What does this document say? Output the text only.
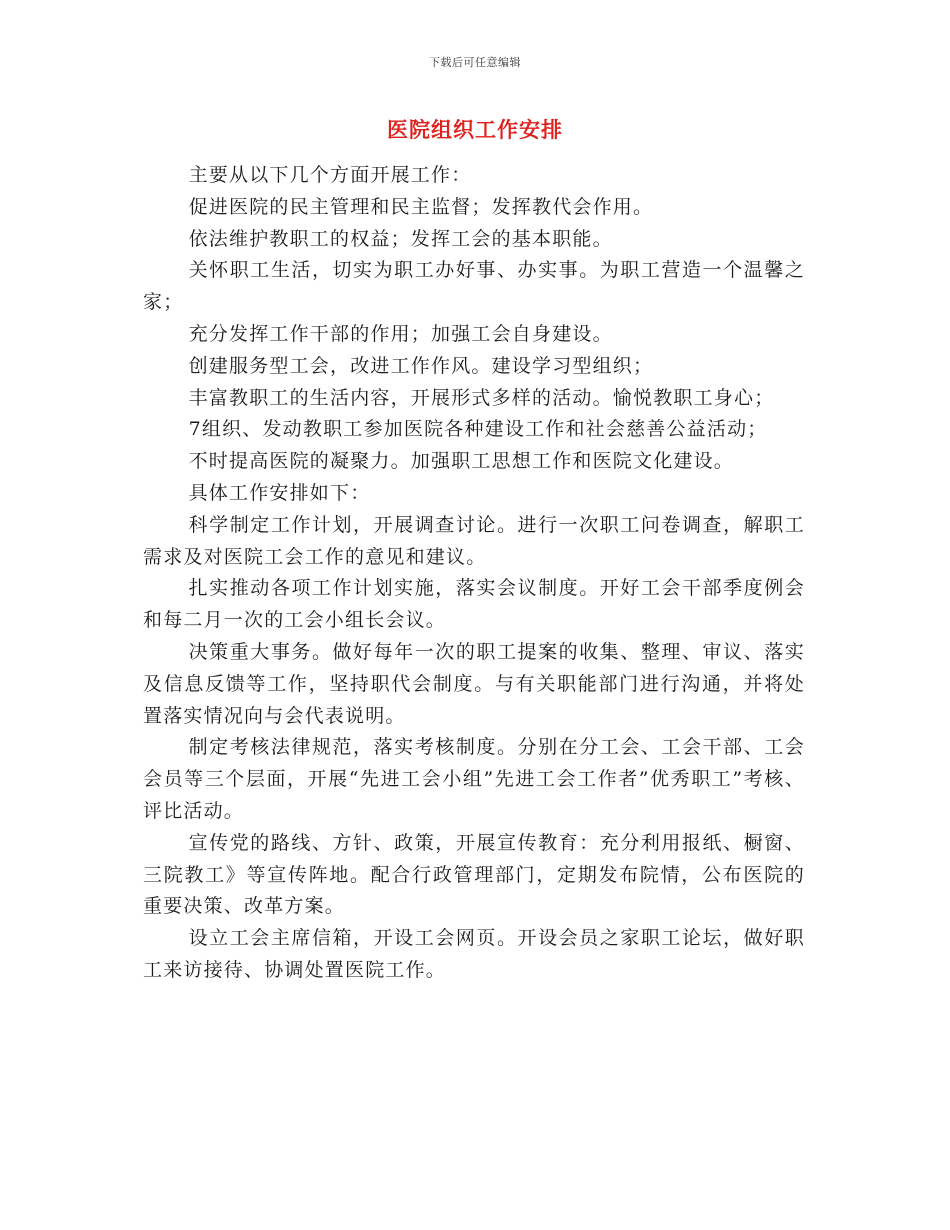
下载后可任意编辑
医院组织工作安排

主要从以下几个方面开展工作：

促进医院的民主管理和民主监督；发挥教代会作用。

依法维护教职工的权益；发挥工会的基本职能。

关怀职工生活，切实为职工办好事、办实事。为职工营造一个温馨之家；

充分发挥工作干部的作用；加强工会自身建设。

创建服务型工会，改进工作作风。建设学习型组织；

丰富教职工的生活内容，开展形式多样的活动。愉悦教职工身心；

7组织、发动教职工参加医院各种建设工作和社会慈善公益活动；

不时提高医院的凝聚力。加强职工思想工作和医院文化建设。

具体工作安排如下：

科学制定工作计划，开展调查讨论。进行一次职工问卷调查，解职工需求及对医院工会工作的意见和建议。

扎实推动各项工作计划实施，落实会议制度。开好工会干部季度例会和每二月一次的工会小组长会议。

决策重大事务。做好每年一次的职工提案的收集、整理、审议、落实及信息反馈等工作，坚持职代会制度。与有关职能部门进行沟通，并将处置落实情况向与会代表说明。

制定考核法律规范，落实考核制度。分别在分工会、工会干部、工会会员等三个层面，开展“先进工会小组”先进工会工作者”优秀职工”考核、评比活动。

宣传党的路线、方针、政策，开展宣传教育：充分利用报纸、橱窗、三院教工》等宣传阵地。配合行政管理部门，定期发布院情，公布医院的重要决策、改革方案。

设立工会主席信箱，开设工会网页。开设会员之家职工论坛，做好职工来访接待、协调处置医院工作。
